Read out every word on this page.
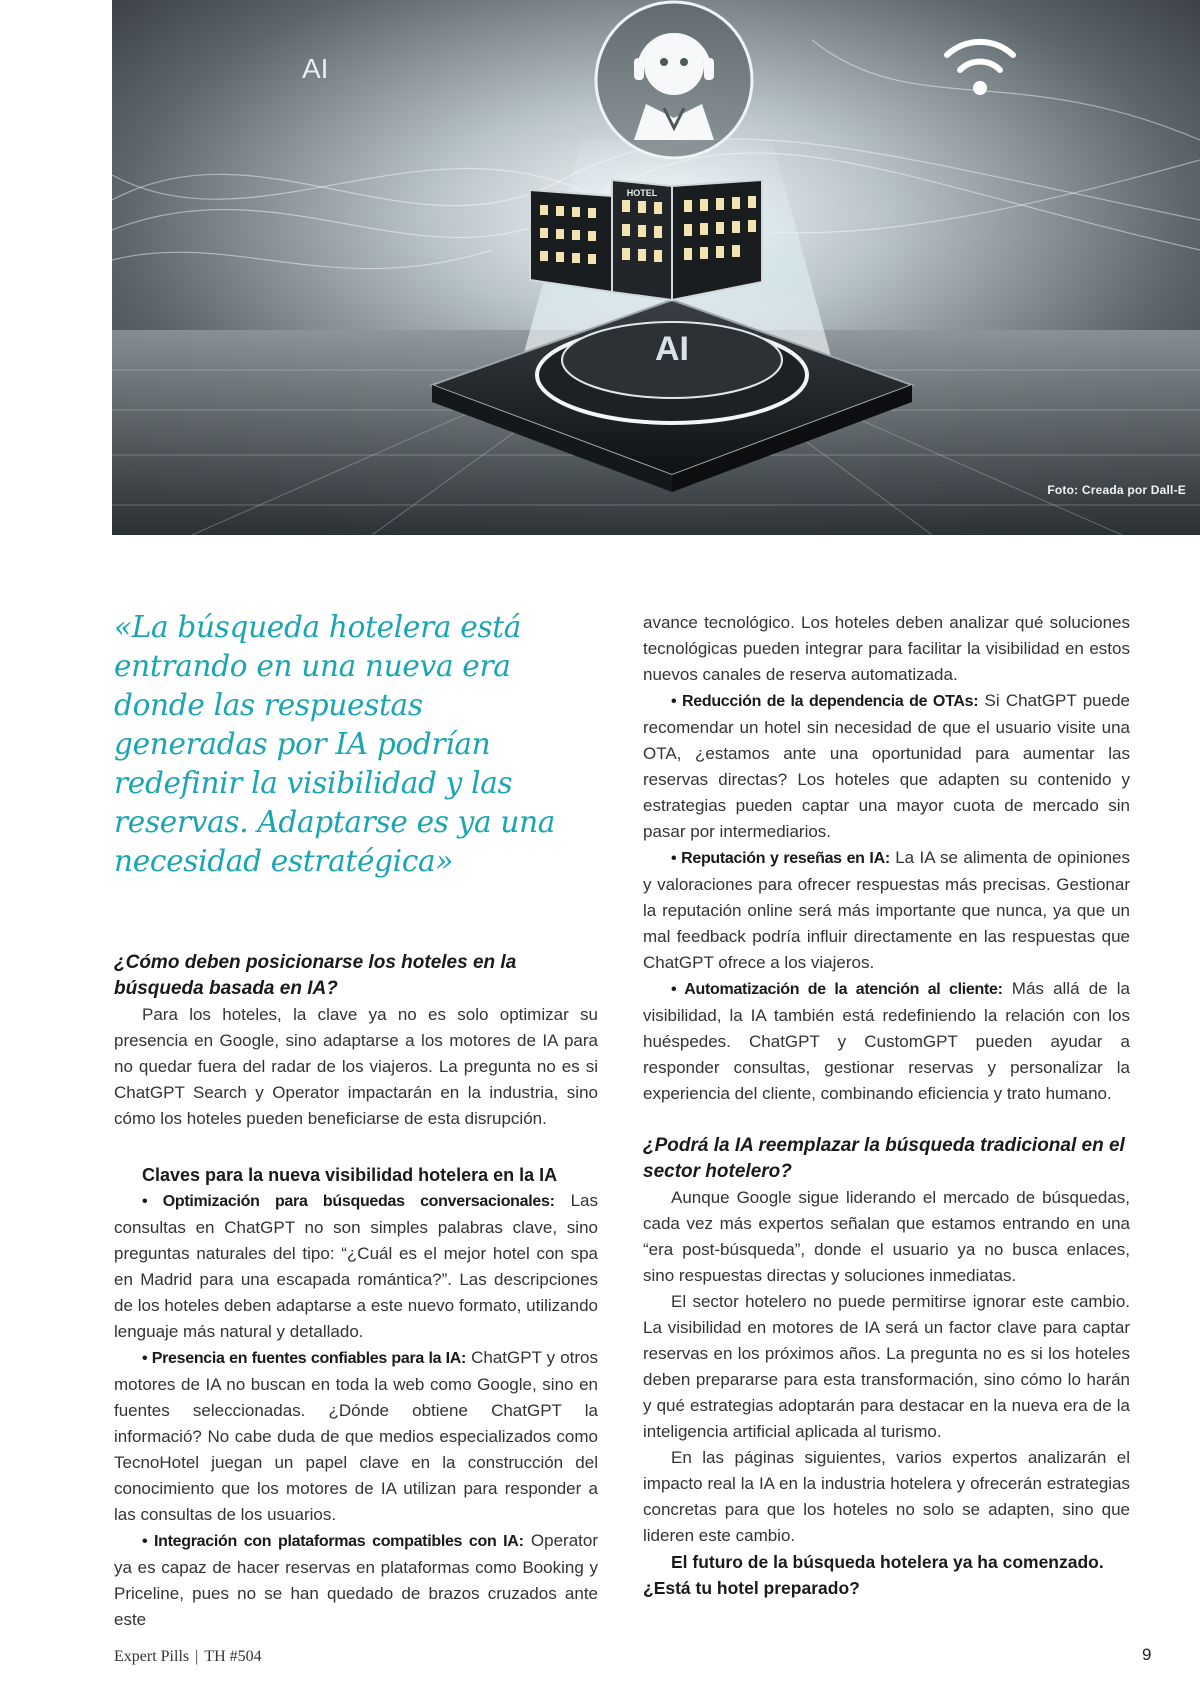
AI
HOTEL
AI
Foto: Creada por Dall-E

«La búsqueda hotelera está entrando en una nueva era donde las respuestas generadas por IA podrían redefinir la visibilidad y las reservas. Adaptarse es ya una necesidad estratégica»

¿Cómo deben posicionarse los hoteles en la búsqueda basada en IA?

Para los hoteles, la clave ya no es solo optimizar su presencia en Google, sino adaptarse a los motores de IA para no quedar fuera del radar de los viajeros. La pregunta no es si ChatGPT Search y Operator impactarán en la industria, sino cómo los hoteles pueden beneficiarse de esta disrupción.

Claves para la nueva visibilidad hotelera en la IA

• Optimización para búsquedas conversacionales: Las consultas en ChatGPT no son simples palabras clave, sino preguntas naturales del tipo: “¿Cuál es el mejor hotel con spa en Madrid para una escapada romántica?”. Las descripciones de los hoteles deben adaptarse a este nuevo formato, utilizando lenguaje más natural y detallado.

• Presencia en fuentes confiables para la IA: ChatGPT y otros motores de IA no buscan en toda la web como Google, sino en fuentes seleccionadas. ¿Dónde obtiene ChatGPT la informació? No cabe duda de que medios especializados como TecnoHotel juegan un papel clave en la construcción del conocimiento que los motores de IA utilizan para responder a las consultas de los usuarios.

• Integración con plataformas compatibles con IA: Operator ya es capaz de hacer reservas en plataformas como Booking y Priceline, pues no se han quedado de brazos cruzados ante este

avance tecnológico. Los hoteles deben analizar qué soluciones tecnológicas pueden integrar para facilitar la visibilidad en estos nuevos canales de reserva automatizada.

• Reducción de la dependencia de OTAs: Si ChatGPT puede recomendar un hotel sin necesidad de que el usuario visite una OTA, ¿estamos ante una oportunidad para aumentar las reservas directas? Los hoteles que adapten su contenido y estrategias pueden captar una mayor cuota de mercado sin pasar por intermediarios.

• Reputación y reseñas en IA: La IA se alimenta de opiniones y valoraciones para ofrecer respuestas más precisas. Gestionar la reputación online será más importante que nunca, ya que un mal feedback podría influir directamente en las respuestas que ChatGPT ofrece a los viajeros.

• Automatización de la atención al cliente: Más allá de la visibilidad, la IA también está redefiniendo la relación con los huéspedes. ChatGPT y CustomGPT pueden ayudar a responder consultas, gestionar reservas y personalizar la experiencia del cliente, combinando eficiencia y trato humano.

¿Podrá la IA reemplazar la búsqueda tradicional en el sector hotelero?

Aunque Google sigue liderando el mercado de búsquedas, cada vez más expertos señalan que estamos entrando en una “era post-búsqueda”, donde el usuario ya no busca enlaces, sino respuestas directas y soluciones inmediatas.

El sector hotelero no puede permitirse ignorar este cambio. La visibilidad en motores de IA será un factor clave para captar reservas en los próximos años. La pregunta no es si los hoteles deben prepararse para esta transformación, sino cómo lo harán y qué estrategias adoptarán para destacar en la nueva era de la inteligencia artificial aplicada al turismo.

En las páginas siguientes, varios expertos analizarán el impacto real la IA en la industria hotelera y ofrecerán estrategias concretas para que los hoteles no solo se adapten, sino que lideren este cambio.

El futuro de la búsqueda hotelera ya ha comenzado. ¿Está tu hotel preparado?

Expert Pills | TH #504	9
